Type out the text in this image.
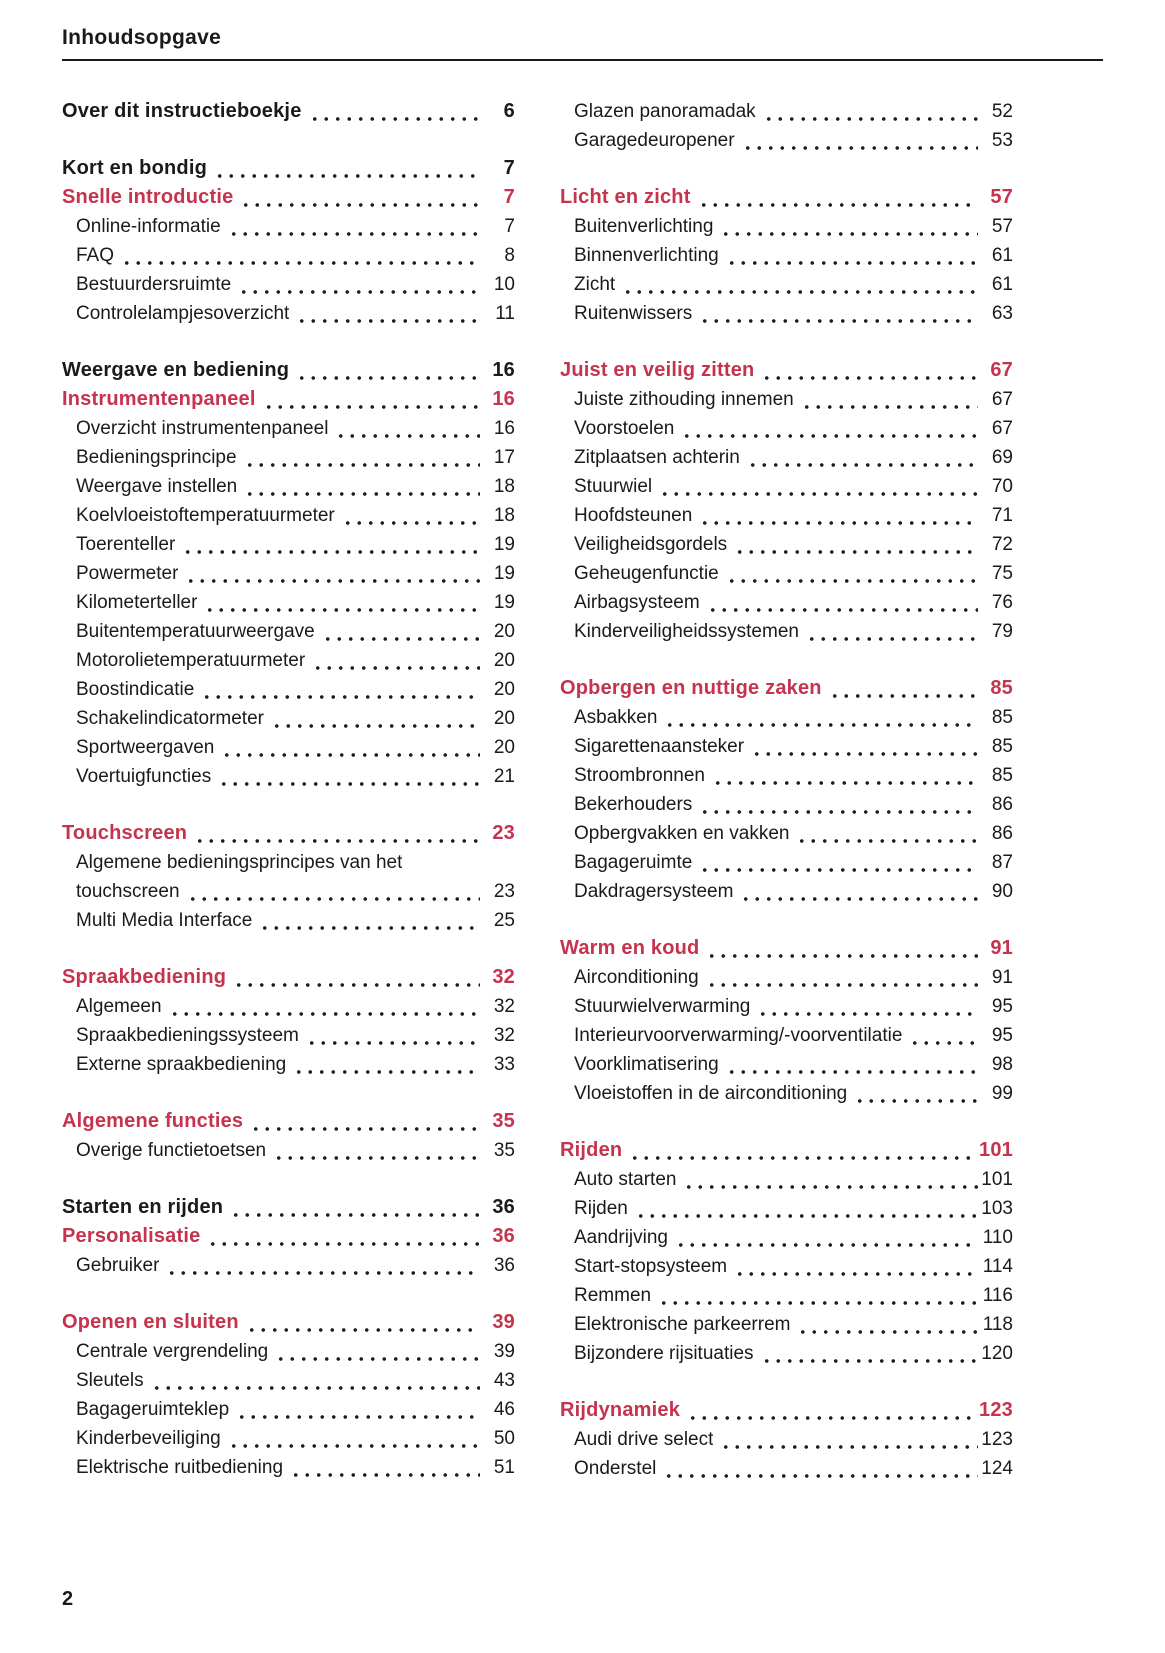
Inhoudsopgave
Over dit instructieboekje	6
Kort en bondig	7
Snelle introductie	7
Online-informatie	7
FAQ	8
Bestuurdersruimte	10
Controlelampjesoverzicht	11
Weergave en bediening	16
Instrumentenpaneel	16
Overzicht instrumentenpaneel	16
Bedieningsprincipe	17
Weergave instellen	18
Koelvloeistoftemperatuurmeter	18
Toerenteller	19
Powermeter	19
Kilometerteller	19
Buitentemperatuurweergave	20
Motorolietemperatuurmeter	20
Boostindicatie	20
Schakelindicatormeter	20
Sportweergaven	20
Voertuigfuncties	21
Touchscreen	23
Algemene bedieningsprincipes van het
touchscreen	23
Multi Media Interface	25
Spraakbediening	32
Algemeen	32
Spraakbedieningssysteem	32
Externe spraakbediening	33
Algemene functies	35
Overige functietoetsen	35
Starten en rijden	36
Personalisatie	36
Gebruiker	36
Openen en sluiten	39
Centrale vergrendeling	39
Sleutels	43
Bagageruimteklep	46
Kinderbeveiliging	50
Elektrische ruitbediening	51
Glazen panoramadak	52
Garagedeuropener	53
Licht en zicht	57
Buitenverlichting	57
Binnenverlichting	61
Zicht	61
Ruitenwissers	63
Juist en veilig zitten	67
Juiste zithouding innemen	67
Voorstoelen	67
Zitplaatsen achterin	69
Stuurwiel	70
Hoofdsteunen	71
Veiligheidsgordels	72
Geheugenfunctie	75
Airbagsysteem	76
Kinderveiligheidssystemen	79
Opbergen en nuttige zaken	85
Asbakken	85
Sigarettenaansteker	85
Stroombronnen	85
Bekerhouders	86
Opbergvakken en vakken	86
Bagageruimte	87
Dakdragersysteem	90
Warm en koud	91
Airconditioning	91
Stuurwielverwarming	95
Interieurvoorverwarming/-voorventilatie	95
Voorklimatisering	98
Vloeistoffen in de airconditioning	99
Rijden	101
Auto starten	101
Rijden	103
Aandrijving	110
Start-stopsysteem	114
Remmen	116
Elektronische parkeerrem	118
Bijzondere rijsituaties	120
Rijdynamiek	123
Audi drive select	123
Onderstel	124
2
